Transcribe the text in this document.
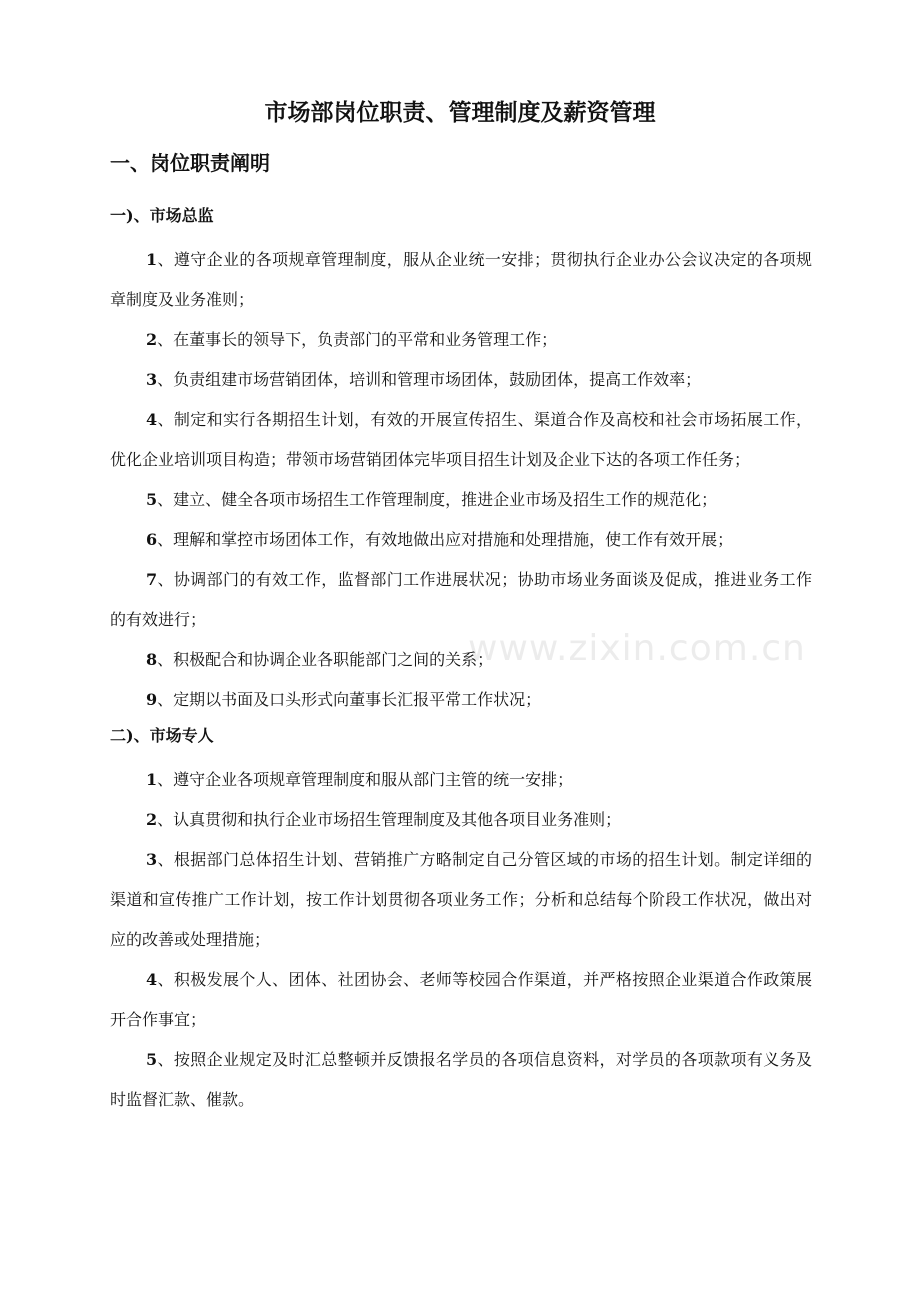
市场部岗位职责、管理制度及薪资管理
一、岗位职责阐明
一)、市场总监

1、遵守企业的各项规章管理制度，服从企业统一安排；贯彻执行企业办公会议决定的各项规章制度及业务准则；

2、在董事长的领导下，负责部门的平常和业务管理工作；

3、负责组建市场营销团体，培训和管理市场团体，鼓励团体，提高工作效率；

4、制定和实行各期招生计划，有效的开展宣传招生、渠道合作及高校和社会市场拓展工作，优化企业培训项目构造；带领市场营销团体完毕项目招生计划及企业下达的各项工作任务；

5、建立、健全各项市场招生工作管理制度，推进企业市场及招生工作的规范化；

6、理解和掌控市场团体工作，有效地做出应对措施和处理措施，使工作有效开展；

7、协调部门的有效工作，监督部门工作进展状况；协助市场业务面谈及促成，推进业务工作的有效进行；

8、积极配合和协调企业各职能部门之间的关系；

9、定期以书面及口头形式向董事长汇报平常工作状况；

二)、市场专人

1、遵守企业各项规章管理制度和服从部门主管的统一安排；

2、认真贯彻和执行企业市场招生管理制度及其他各项目业务准则；

3、根据部门总体招生计划、营销推广方略制定自己分管区域的市场的招生计划。制定详细的渠道和宣传推广工作计划，按工作计划贯彻各项业务工作；分析和总结每个阶段工作状况，做出对应的改善或处理措施；

4、积极发展个人、团体、社团协会、老师等校园合作渠道，并严格按照企业渠道合作政策展开合作事宜；

5、按照企业规定及时汇总整顿并反馈报名学员的各项信息资料，对学员的各项款项有义务及时监督汇款、催款。

www.zixin.com.cn
